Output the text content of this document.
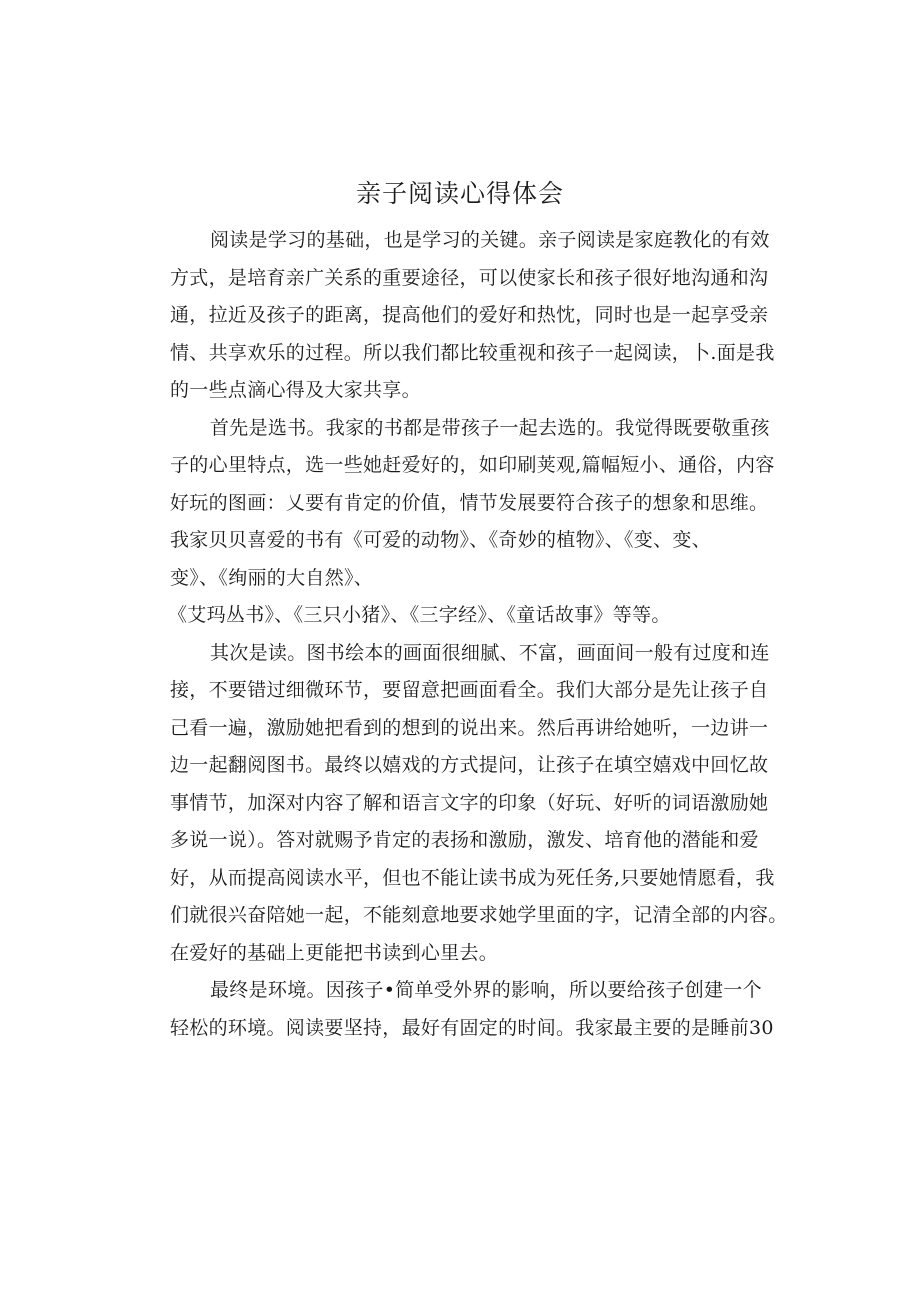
亲子阅读心得体会
阅读是学习的基础，也是学习的关键。亲子阅读是家庭教化的有效
方式，是培育亲广关系的重要途径，可以使家长和孩子很好地沟通和沟
通，拉近及孩子的距离，提高他们的爱好和热忱，同时也是一起享受亲
情、共享欢乐的过程。所以我们都比较重视和孩子一起阅读，卜.面是我
的一些点滴心得及大家共享。
首先是选书。我家的书都是带孩子一起去选的。我觉得既要敬重孩
子的心里特点，选一些她赶爱好的，如印刷荚观,篇幅短小、通俗，内容
好玩的图画：乂要有肯定的价值，情节发展要符合孩子的想象和思维。
我家贝贝喜爱的书有《可爱的动物》、《奇妙的植物》、《变、变、
变》、《绚丽的大自然》、
《艾玛丛书》、《三只小猪》、《三字经》、《童话故事》等等。
其次是读。图书绘本的画面很细腻、不富，画面间一般有过度和连
接，不要错过细微环节，要留意把画面看全。我们大部分是先让孩子自
己看一遍，激励她把看到的想到的说出来。然后再讲给她听，一边讲一
边一起翻阅图书。最终以嬉戏的方式提问，让孩子在填空嬉戏中回忆故
事情节，加深对内容了解和语言文字的印象（好玩、好听的词语激励她
多说一说）。答对就赐予肯定的表扬和激励，激发、培育他的潜能和爱
好，从而提高阅读水平，但也不能让读书成为死任务,只要她情愿看，我
们就很兴奋陪她一起，不能刻意地要求她学里面的字，记清全部的内容。
在爱好的基础上更能把书读到心里去。
最终是环境。因孩子•简单受外界的影响，所以要给孩子创建一个
轻松的环境。阅读要坚持，最好有固定的时间。我家最主要的是睡前30
